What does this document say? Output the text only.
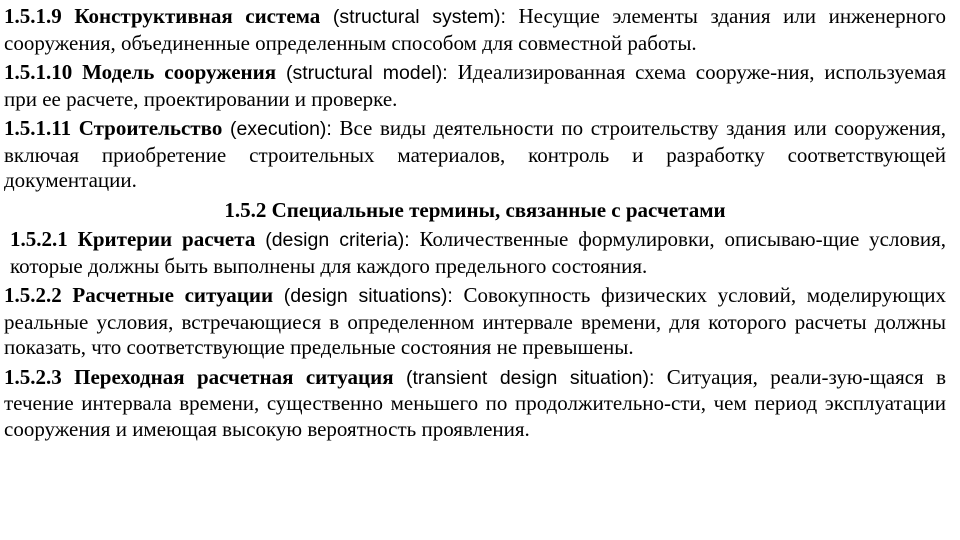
1.5.1.9 Конструктивная система (structural system): Несущие элементы здания или инженерного сооружения, объединенные определенным способом для совместной работы.

1.5.1.10 Модель сооружения (structural model): Идеализированная схема сооруже-ния, используемая при ее расчете, проектировании и проверке.

1.5.1.11 Строительство (execution): Все виды деятельности по строительству здания или сооружения, включая приобретение строительных материалов, контроль и разработку соответствующей документации.

1.5.2 Специальные термины, связанные с расчетами

1.5.2.1 Критерии расчета (design criteria): Количественные формулировки, описываю-щие условия, которые должны быть выполнены для каждого предельного состояния.

1.5.2.2 Расчетные ситуации (design situations): Совокупность физических условий, моделирующих реальные условия, встречающиеся в определенном интервале времени, для которого расчеты должны показать, что соответствующие предельные состояния не превышены.

1.5.2.3 Переходная расчетная ситуация (transient design situation): Ситуация, реали-зую-щаяся в течение интервала времени, существенно меньшего по продолжительно-сти, чем период эксплуатации сооружения и имеющая высокую вероятность проявления.
